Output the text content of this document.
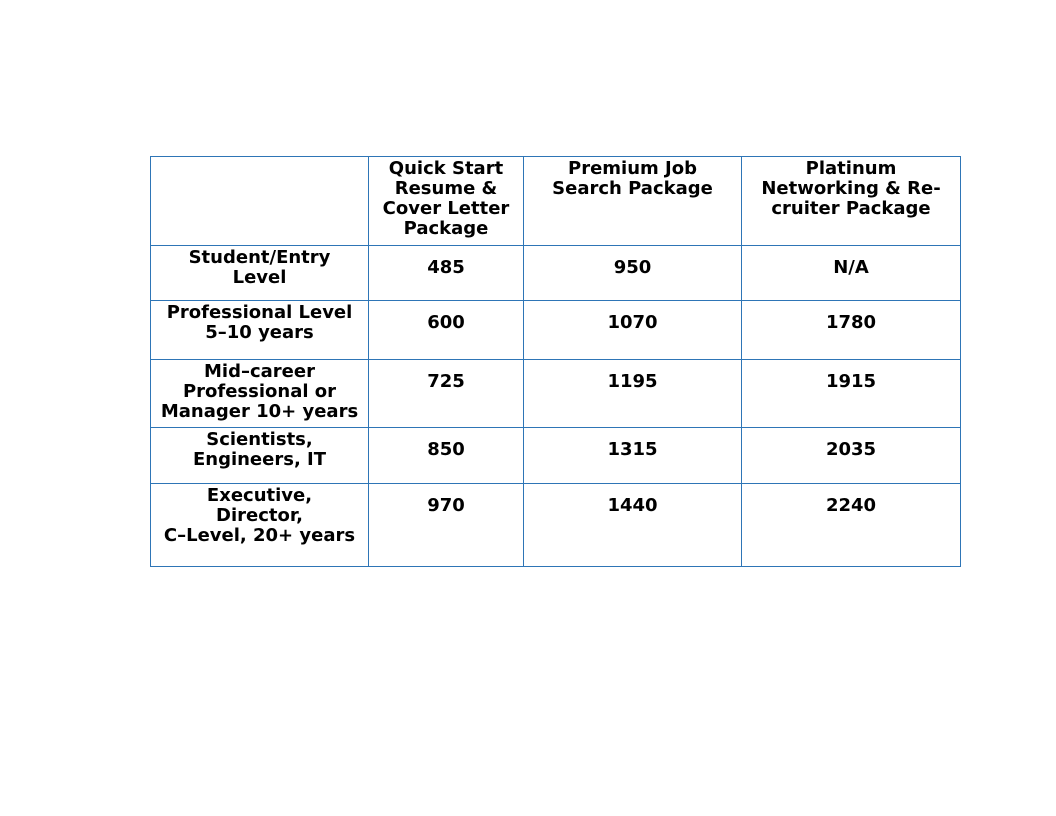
	Quick Start
Resume &
Cover Letter
Package	Premium Job
Search Package	Platinum
Networking & Re-
cruiter Package

Student/Entry
Level	485	950	N/A

Professional Level
5–10 years	600	1070	1780

Mid–career
Professional or
Manager 10+ years	725	1195	1915

Scientists,
Engineers, IT	850	1315	2035

Executive,
Director,
C–Level, 20+ years	970	1440	2240
